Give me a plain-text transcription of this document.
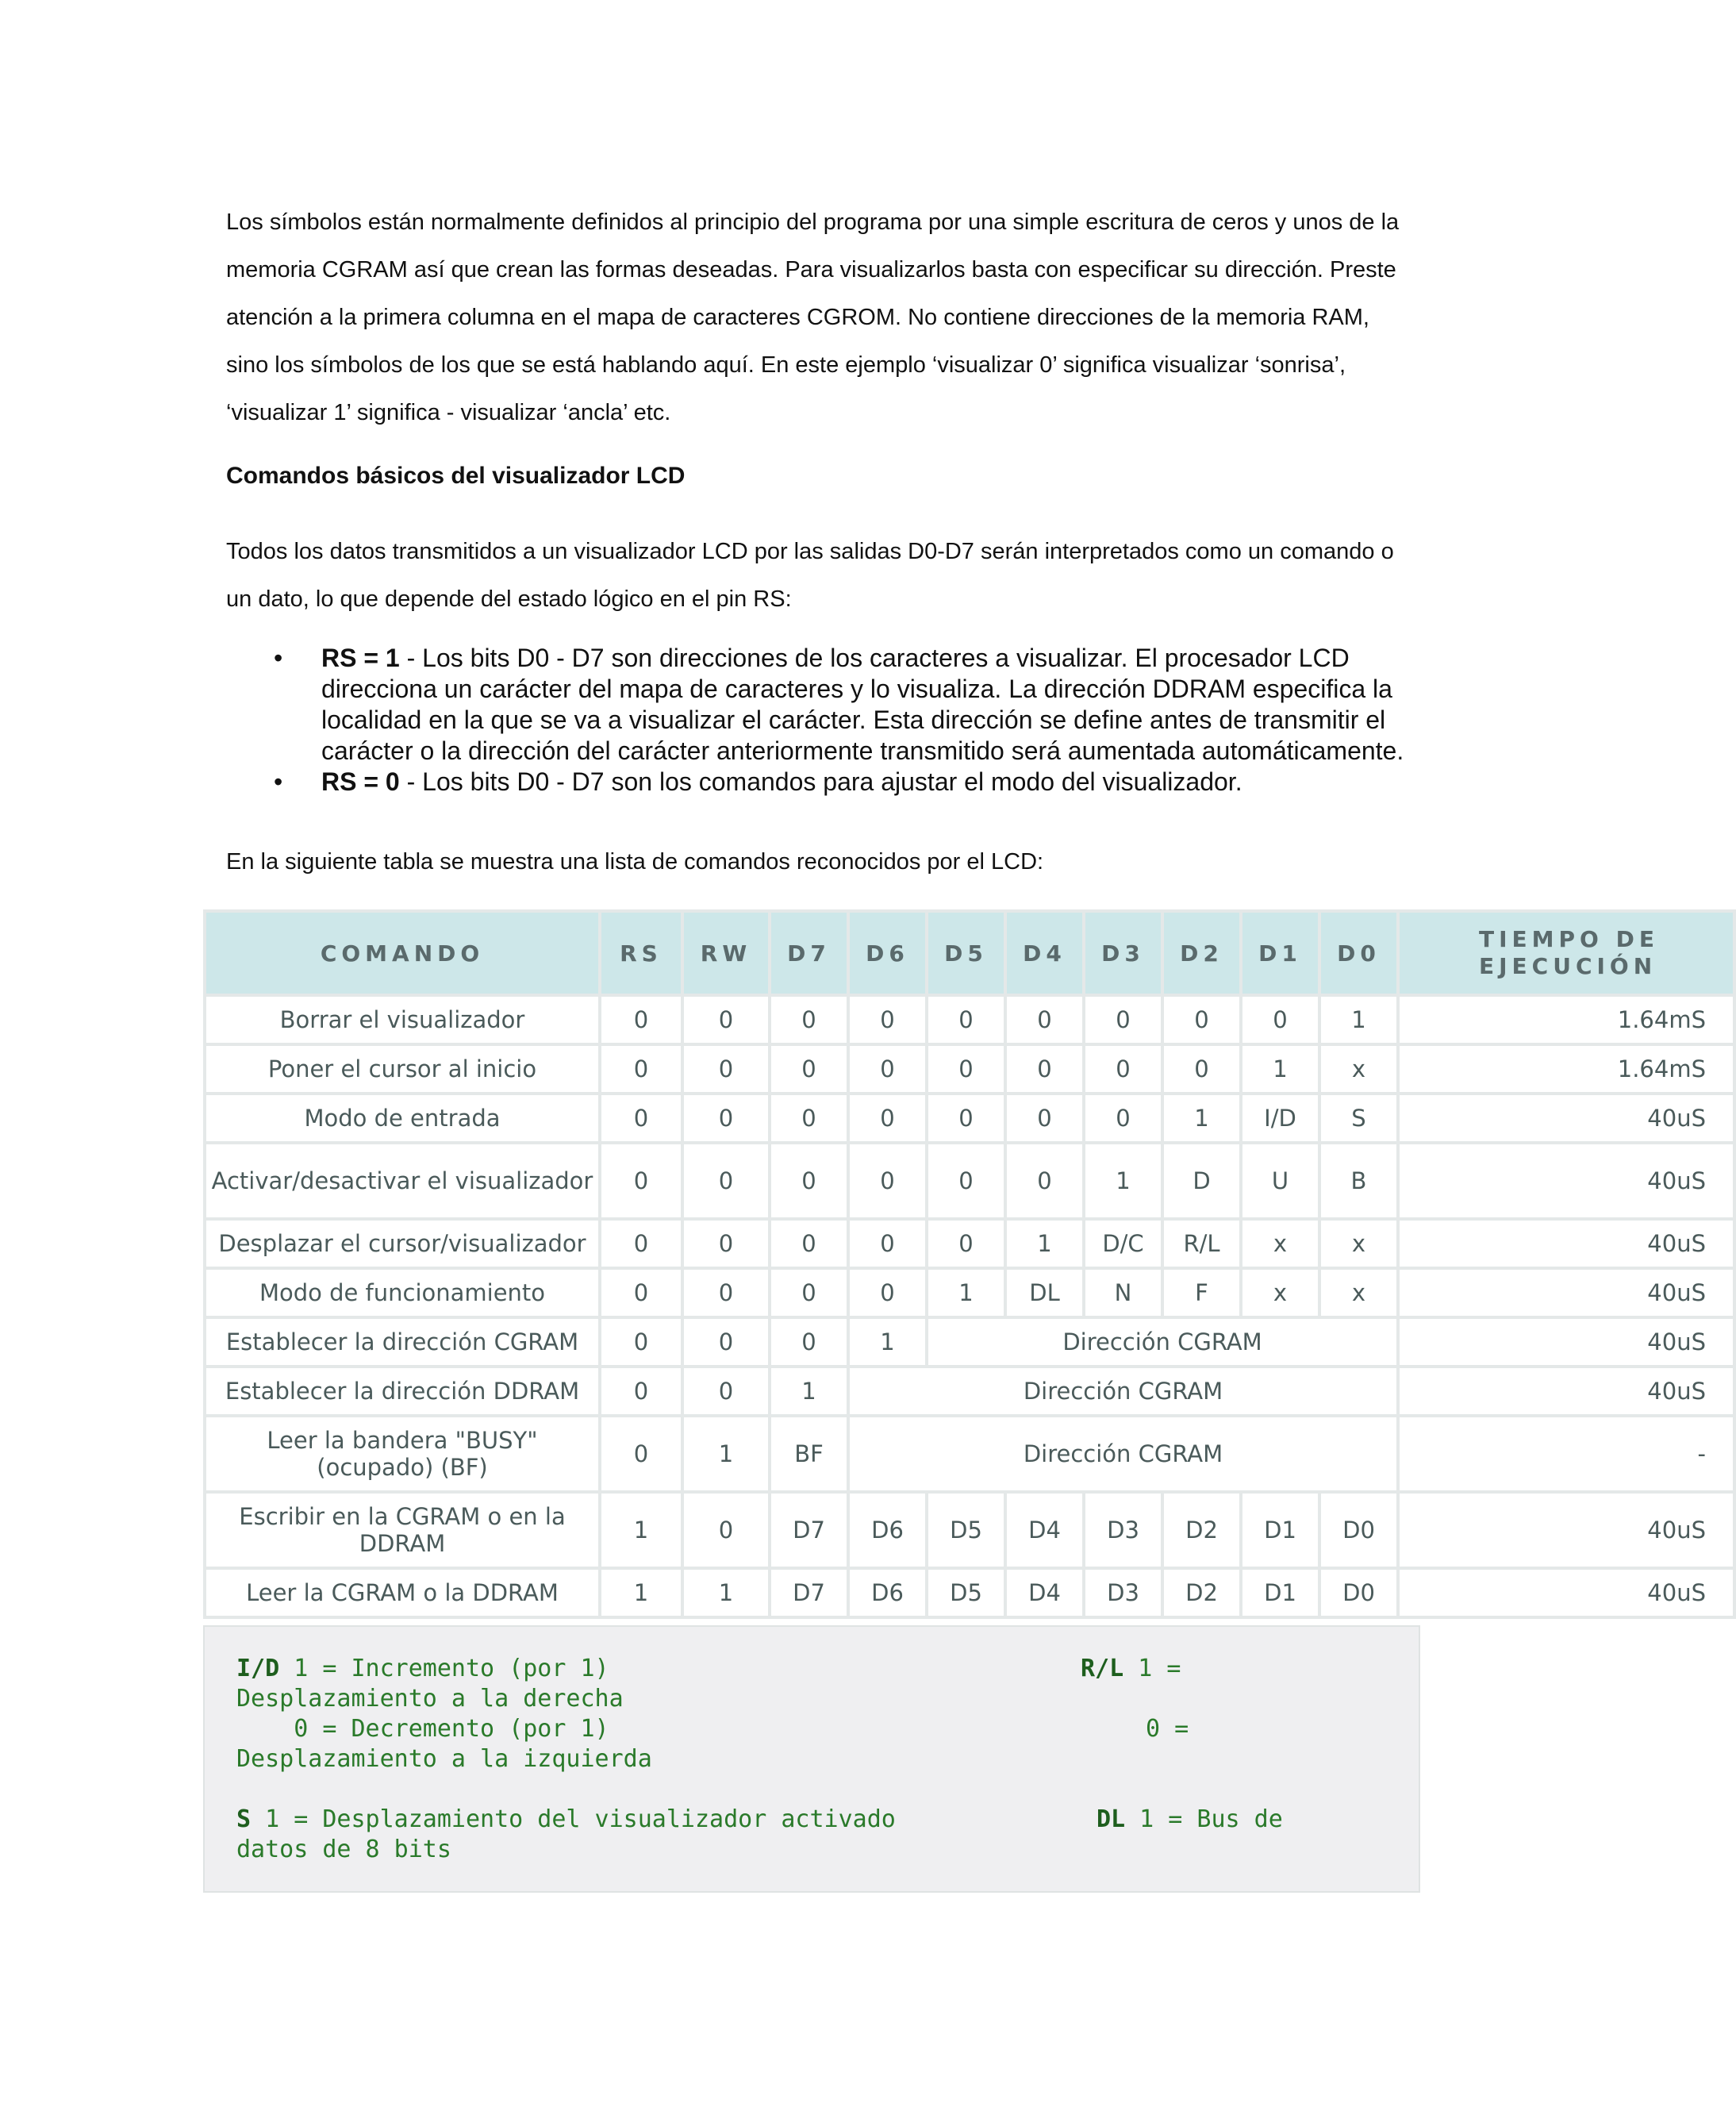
Los símbolos están normalmente definidos al principio del programa por una simple escritura de ceros y unos de la memoria CGRAM así que crean las formas deseadas. Para visualizarlos basta con especificar su dirección. Preste atención a la primera columna en el mapa de caracteres CGROM. No contiene direcciones de la memoria RAM, sino los símbolos de los que se está hablando aquí. En este ejemplo ‘visualizar 0’ significa visualizar ‘sonrisa’, ‘visualizar 1’ significa - visualizar ‘ancla’ etc.

Comandos básicos del visualizador LCD

Todos los datos transmitidos a un visualizador LCD por las salidas D0-D7 serán interpretados como un comando o un dato, lo que depende del estado lógico en el pin RS:

• RS = 1 - Los bits D0 - D7 son direcciones de los caracteres a visualizar. El procesador LCD direcciona un carácter del mapa de caracteres y lo visualiza. La dirección DDRAM especifica la localidad en la que se va a visualizar el carácter. Esta dirección se define antes de transmitir el carácter o la dirección del carácter anteriormente transmitido será aumentada automáticamente.
• RS = 0 - Los bits D0 - D7 son los comandos para ajustar el modo del visualizador.

En la siguiente tabla se muestra una lista de comandos reconocidos por el LCD:

COMANDO	RS	RW	D7	D6	D5	D4	D3	D2	D1	D0	TIEMPO DE
EJECUCIÓN
Borrar el visualizador	0	0	0	0	0	0	0	0	0	1	1.64mS
Poner el cursor al inicio	0	0	0	0	0	0	0	0	1	x	1.64mS
Modo de entrada	0	0	0	0	0	0	0	1	I/D	S	40uS
Activar/desactivar el visualizador	0	0	0	0	0	0	1	D	U	B	40uS
Desplazar el cursor/visualizador	0	0	0	0	0	1	D/C	R/L	x	x	40uS
Modo de funcionamiento	0	0	0	0	1	DL	N	F	x	x	40uS
Establecer la dirección CGRAM	0	0	0	1	Dirección CGRAM						40uS
Establecer la dirección DDRAM	0	0	1	Dirección CGRAM							40uS
Leer la bandera "BUSY"(ocupado) (BF)	0	1	BF	Dirección CGRAM							-
Escribir en la CGRAM o en la DDRAM	1	0	D7	D6	D5	D4	D3	D2	D1	D0	40uS
Leer la CGRAM o la DDRAM	1	1	D7	D6	D5	D4	D3	D2	D1	D0	40uS

I/D 1 = Incremento (por 1)	R/L 1 =

Desplazamiento a la derecha

0 = Decremento (por 1)	0 =

Desplazamiento a la izquierda

S 1 = Desplazamiento del visualizador activado	DL 1 = Bus de

datos de 8 bits
